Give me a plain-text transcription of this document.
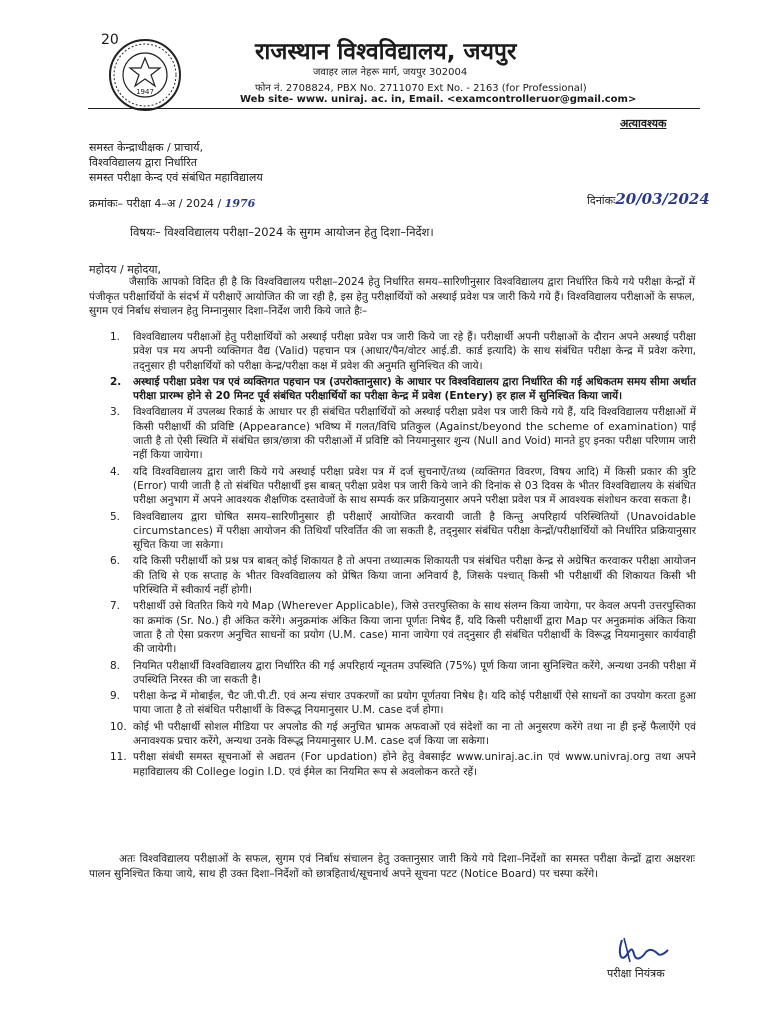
20
1947
राजस्थान विश्वविद्यालय, जयपुर
जवाहर लाल नेहरू मार्ग, जयपुर 302004
फोन नं. 2708824, PBX No. 2711070 Ext No. - 2163 (for Professional)
Web site- www. uniraj. ac. in, Email. <examcontrolleruor@gmail.com>
अत्यावश्यक
समस्त केन्द्राधीक्षक / प्राचार्य,
विश्वविद्यालय द्वारा निर्धारित
समस्त परीक्षा केन्द एवं संबंधित महाविद्यालय
क्रमांकः– परीक्षा 4–अ / 2024 / 1976	दिनांकः20/03/2024
विषयः– विश्वविद्यालय परीक्षा–2024 के सुगम आयोजन हेतु दिशा–निर्देश।
महोदय / महोदया,
जैसाकि आपको विदित ही है कि विश्वविद्यालय परीक्षा–2024 हेतु निर्धारित समय–सारिणीनुसार विश्वविद्यालय द्वारा निर्धारित किये गये परीक्षा केन्द्रों में पंजीकृत परीक्षार्थियों के संदर्भ में परीक्षाऐं आयोजित की जा रही है, इस हेतु परीक्षार्थियों को अस्थाई प्रवेश पत्र जारी किये गये हैं। विश्वविद्यालय परीक्षाओं के सफल, सुगम एवं निर्बाध संचालन हेतु निम्नानुसार दिशा–निर्देश जारी किये जाते हैः–
1. विश्वविद्यालय परीक्षाओं हेतु परीक्षार्थियों को अस्थाई परीक्षा प्रवेश पत्र जारी किये जा रहे हैं। परीक्षार्थी अपनी परीक्षाओं के दौरान अपने अस्थाई परीक्षा प्रवेश पत्र मय अपनी व्यक्तिगत वैद्य (Valid) पहचान पत्र (आधार/पैन/वोटर आई.डी. कार्ड इत्यादि) के साथ संबंधित परीक्षा केन्द्र में प्रवेश करेगा, तद्नुसार ही परीक्षार्थियों को परीक्षा केन्द्र/परीक्षा कक्ष में प्रवेश की अनुमति सुनिश्चित की जाये।
2. अस्थाई परीक्षा प्रवेश पत्र एवं व्यक्तिगत पहचान पत्र (उपरोक्तानुसार) के आधार पर विश्वविद्यालय द्वारा निर्धारित की गई अधिकतम समय सीमा अर्थात परीक्षा प्रारम्भ होने से 20 मिनट पूर्व संबंधित परीक्षार्थियों का परीक्षा केन्द्र में प्रवेश (Entery) हर हाल में सुनिश्चित किया जायें।
3. विश्वविद्यालय में उपलब्ध रिकार्ड के आधार पर ही संबंधित परीक्षार्थियों को अस्थाई परीक्षा प्रवेश पत्र जारी किये गये हैं, यदि विश्वविद्यालय परीक्षाओं में किसी परीक्षार्थी की प्रविष्टि (Appearance) भविष्य में गलत/विधि प्रतिकुल (Against/beyond the scheme of examination) पाई जाती है तो ऐसी स्थिति में संबंधित छात्र/छात्रा की परीक्षाओं में प्रविष्टि को नियमानुसार शुन्य (Null and Void) मानते हुए इनका परीक्षा परिणाम जारी नहीं किया जायेगा।
4. यदि विश्वविद्यालय द्वारा जारी किये गये अस्थाई परीक्षा प्रवेश पत्र में दर्ज सुचनाऐं/तथ्य (व्यक्तिगत विवरण, विषय आदि) में किसी प्रकार की त्रुटि (Error) पायी जाती है तो संबंधित परीक्षार्थी इस बाबत् परीक्षा प्रवेश पत्र जारी किये जाने की दिनांक से 03 दिवस के भीतर विश्वविद्यालय के संबंधित परीक्षा अनुभाग में अपने आवश्यक शैक्षणिक दस्तावेजों के साथ सम्पर्क कर प्रक्रियानुसार अपने परीक्षा प्रवेश पत्र में आवश्यक संशोधन करवा सकता है।
5. विश्वविद्यालय द्वारा घोषित समय–सारिणीनुसार ही परीक्षाऐं आयोजित करवायी जाती है किन्तु अपरिहार्य परिस्थितियों (Unavoidable circumstances) में परीक्षा आयोजन की तिथियाँ परिवर्तित की जा सकती है, तद्नुसार संबंधित परीक्षा केन्द्रों/परीक्षार्थियों को निर्धारित प्रक्रियानुसार सूचित किया जा सकेगा।
6. यदि किसी परीक्षार्थी को प्रश्न पत्र बाबत् कोई शिकायत है तो अपना तथ्यात्मक शिकायती पत्र संबंधित परीक्षा केन्द्र से अग्रेषित करवाकर परीक्षा आयोजन की तिथि से एक सप्ताह के भीतर विश्वविद्यालय को प्रेषित किया जाना अनिवार्य है, जिसके पश्चात् किसी भी परीक्षार्थी की शिकायत किसी भी परिस्थिति में स्वीकार्य नहीं होगी।
7. परीक्षार्थी उसे वितरित किये गये Map (Wherever Applicable), जिसे उत्तरपुस्तिका के साथ संलग्न किया जायेगा, पर केवल अपनी उत्तरपुस्तिका का क्रमांक (Sr. No.) ही अंकित करेंगे। अनुक्रमांक अंकित किया जाना पूर्णतः निषेद हैं, यदि किसी परीक्षार्थी द्वारा Map पर अनुक्रमांक अंकित किया जाता है तो ऐसा प्रकरण अनुचित साधनों का प्रयोग (U.M. case) माना जायेगा एवं तद्नुसार ही संबंधित परीक्षार्थी के विरूद्ध नियमानुसार कार्यवाही की जायेगी।
8. नियमित परीक्षार्थी विश्वविद्यालय द्वारा निर्धारित की गई अपरिहार्य न्यूनतम उपस्थिति (75%) पूर्ण किया जाना सुनिश्चित करेंगे, अन्यथा उनकी परीक्षा में उपस्थिति निरस्त की जा सकती है।
9. परीक्षा केन्द्र में मोबाईल, चैट जी.पी.टी. एवं अन्य संचार उपकरणों का प्रयोग पूर्णतया निषेध है। यदि कोई परीक्षार्थी ऐसे साधनों का उपयोग करता हुआ पाया जाता है तो संबंधित परीक्षार्थी के विरूद्ध नियमानुसार U.M. case दर्ज होगा।
10. कोई भी परीक्षार्थी सोशल मीडिया पर अपलोड की गई अनुचित भ्रामक अफवाओं एवं संदेशों का ना तो अनुसरण करेंगे तथा ना ही इन्हें फैलाऐंगे एवं अनावश्यक प्रचार करेंगे, अन्यथा उनके विरूद्ध नियमानुसार U.M. case दर्ज किया जा सकेगा।
11. परीक्षा संबंधी समस्त सूचनाओं से अद्यतन (For updation) होने हेतु वेबसाईट www.uniraj.ac.in एवं www.univraj.org तथा अपने महाविद्यालय की College login I.D. एवं ईमेल का नियमित रूप से अवलोकन करते रहें।
अतः विश्वविद्यालय परीक्षाओं के सफल, सुगम एवं निर्बाध संचालन हेतु उक्तानुसार जारी किये गये दिशा–निर्देशों का समस्त परीक्षा केन्द्रों द्वारा अक्षरशः पालन सुनिश्चित किया जाये, साथ ही उक्त दिशा–निर्देशों को छात्रहितार्थ/सूचनार्थ अपने सूचना पटट (Notice Board) पर चस्पा करेंगे।
परीक्षा नियंत्रक
